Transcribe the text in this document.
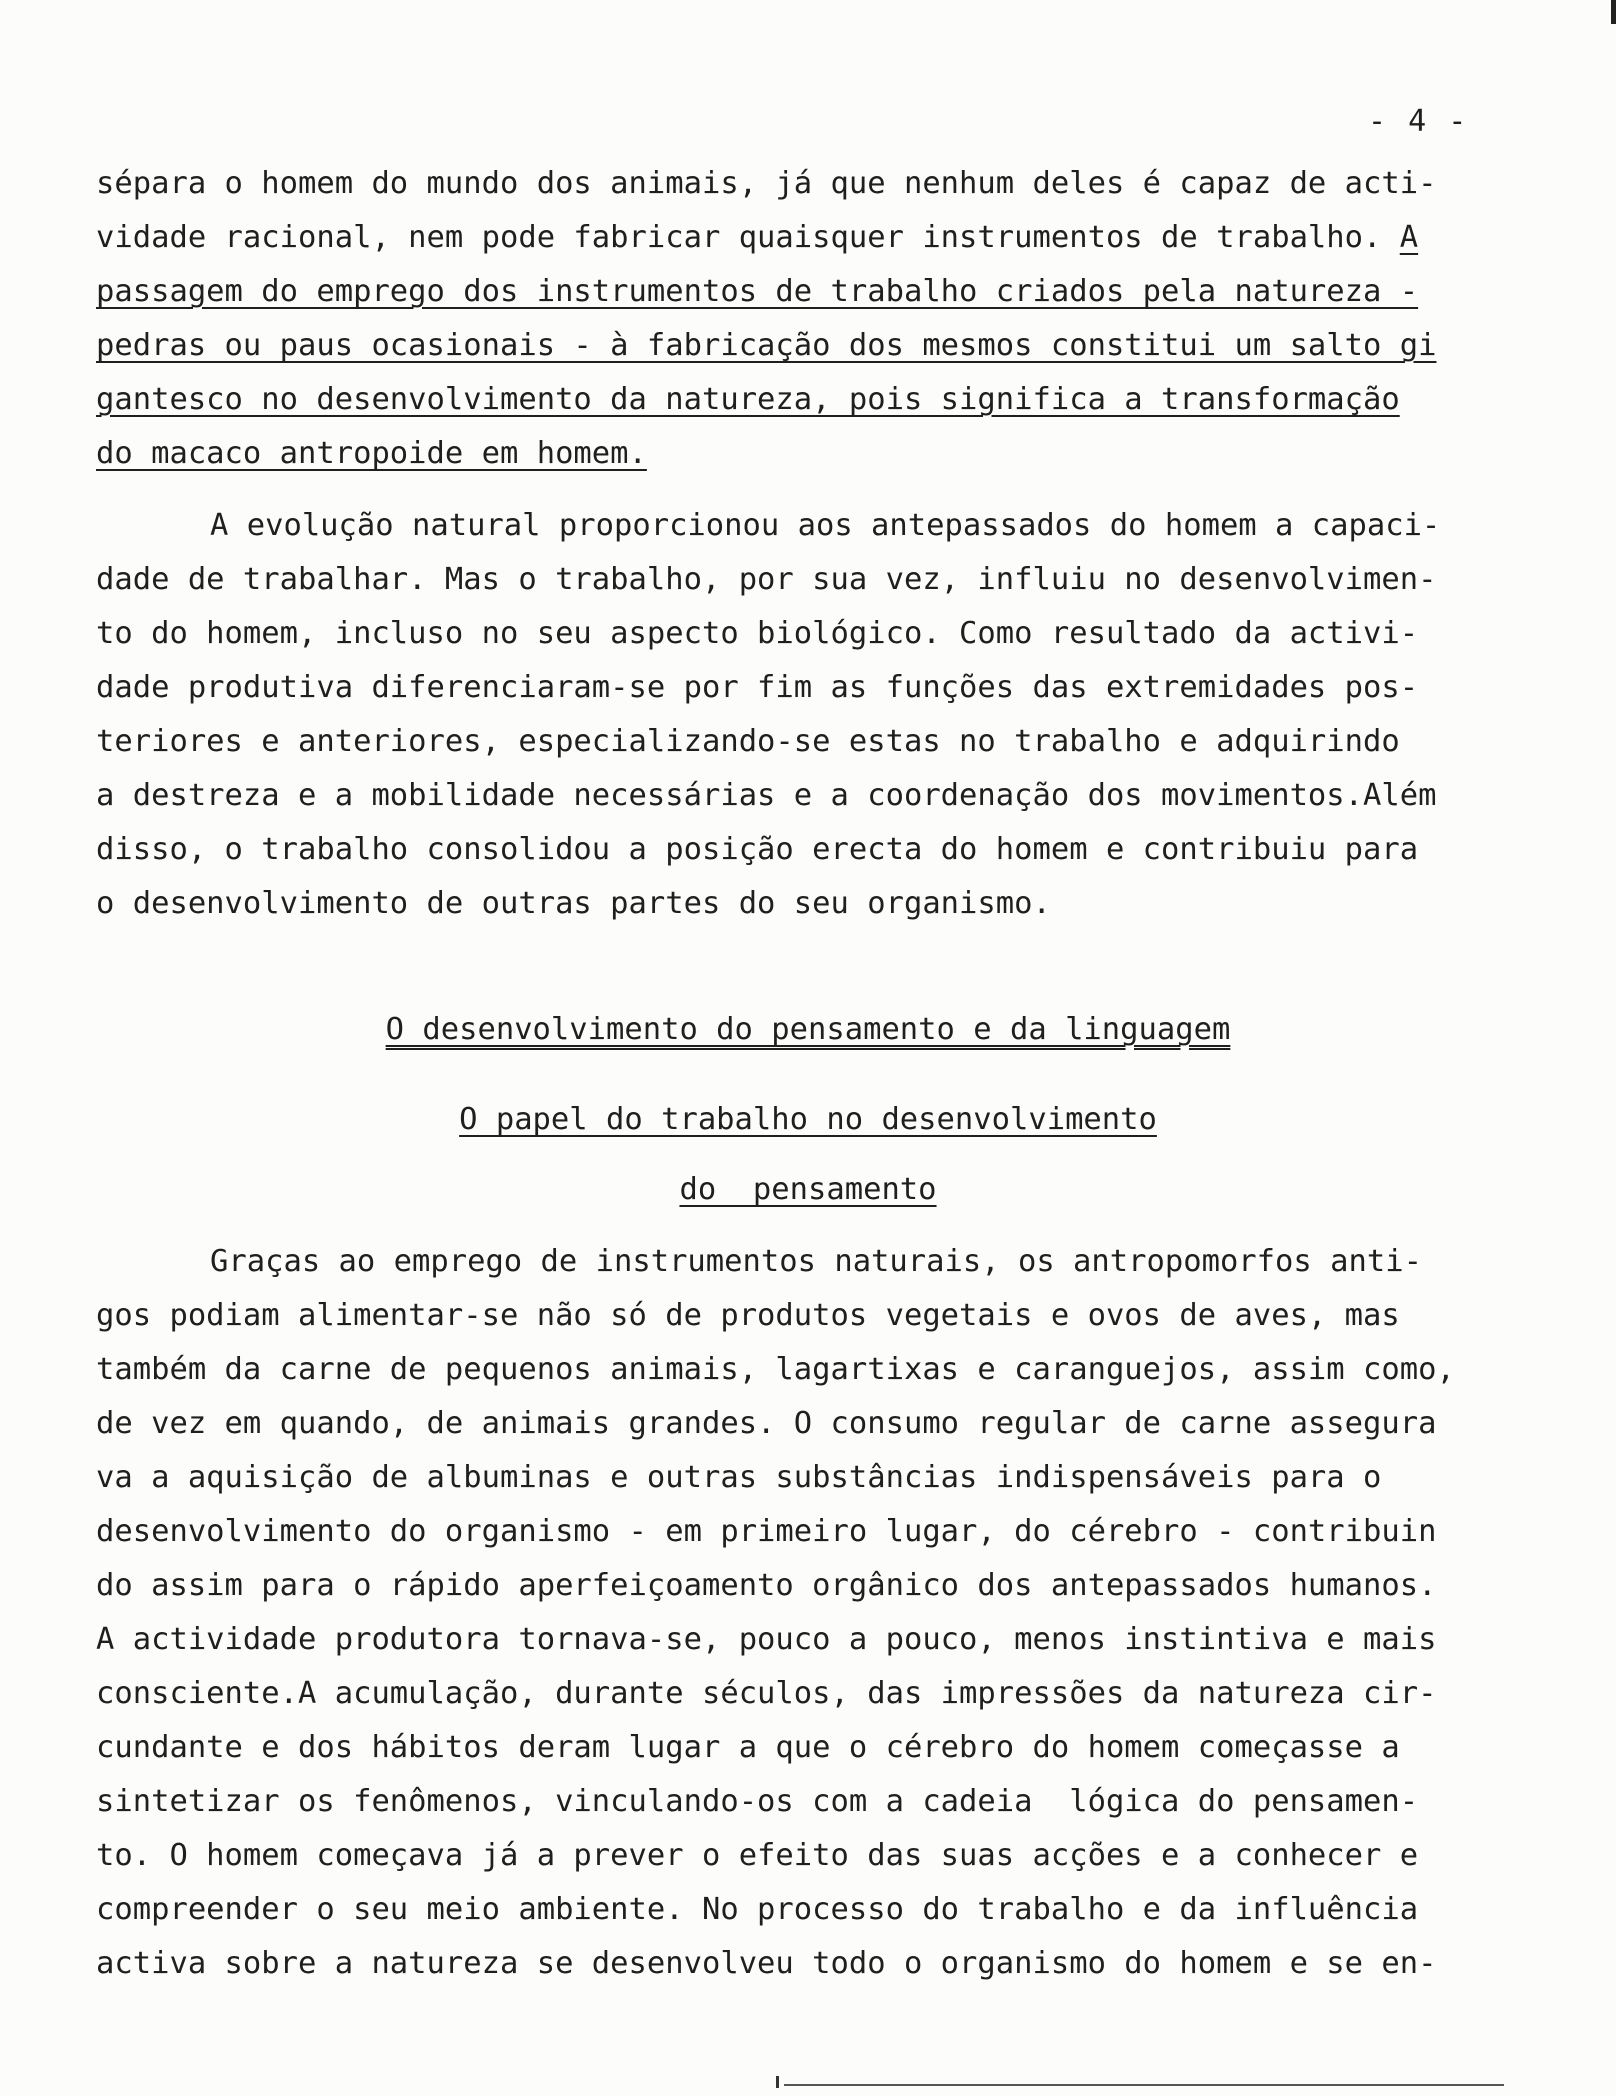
- 4 -
sépara o homem do mundo dos animais, já que nenhum deles é capaz de acti-
vidade racional, nem pode fabricar quaisquer instrumentos de trabalho. A
passagem do emprego dos instrumentos de trabalho criados pela natureza -
pedras ou paus ocasionais - à fabricação dos mesmos constitui um salto gi
gantesco no desenvolvimento da natureza, pois significa a transformação
do macaco antropoide em homem.
A evolução natural proporcionou aos antepassados do homem a capaci-
dade de trabalhar. Mas o trabalho, por sua vez, influiu no desenvolvimen-
to do homem, incluso no seu aspecto biológico. Como resultado da activi-
dade produtiva diferenciaram-se por fim as funções das extremidades pos-
teriores e anteriores, especializando-se estas no trabalho e adquirindo
a destreza e a mobilidade necessárias e a coordenação dos movimentos.Além
disso, o trabalho consolidou a posição erecta do homem e contribuiu para
o desenvolvimento de outras partes do seu organismo.
O desenvolvimento do pensamento e da linguagem
O papel do trabalho no desenvolvimento
do  pensamento
Graças ao emprego de instrumentos naturais, os antropomorfos anti-
gos podiam alimentar-se não só de produtos vegetais e ovos de aves, mas
também da carne de pequenos animais, lagartixas e caranguejos, assim como,
de vez em quando, de animais grandes. O consumo regular de carne assegura
va a aquisição de albuminas e outras substâncias indispensáveis para o
desenvolvimento do organismo - em primeiro lugar, do cérebro - contribuin
do assim para o rápido aperfeiçoamento orgânico dos antepassados humanos.
A actividade produtora tornava-se, pouco a pouco, menos instintiva e mais
consciente.A acumulação, durante séculos, das impressões da natureza cir-
cundante e dos hábitos deram lugar a que o cérebro do homem começasse a
sintetizar os fenômenos, vinculando-os com a cadeia  lógica do pensamen-
to. O homem começava já a prever o efeito das suas acções e a conhecer e
compreender o seu meio ambiente. No processo do trabalho e da influência
activa sobre a natureza se desenvolveu todo o organismo do homem e se en-
